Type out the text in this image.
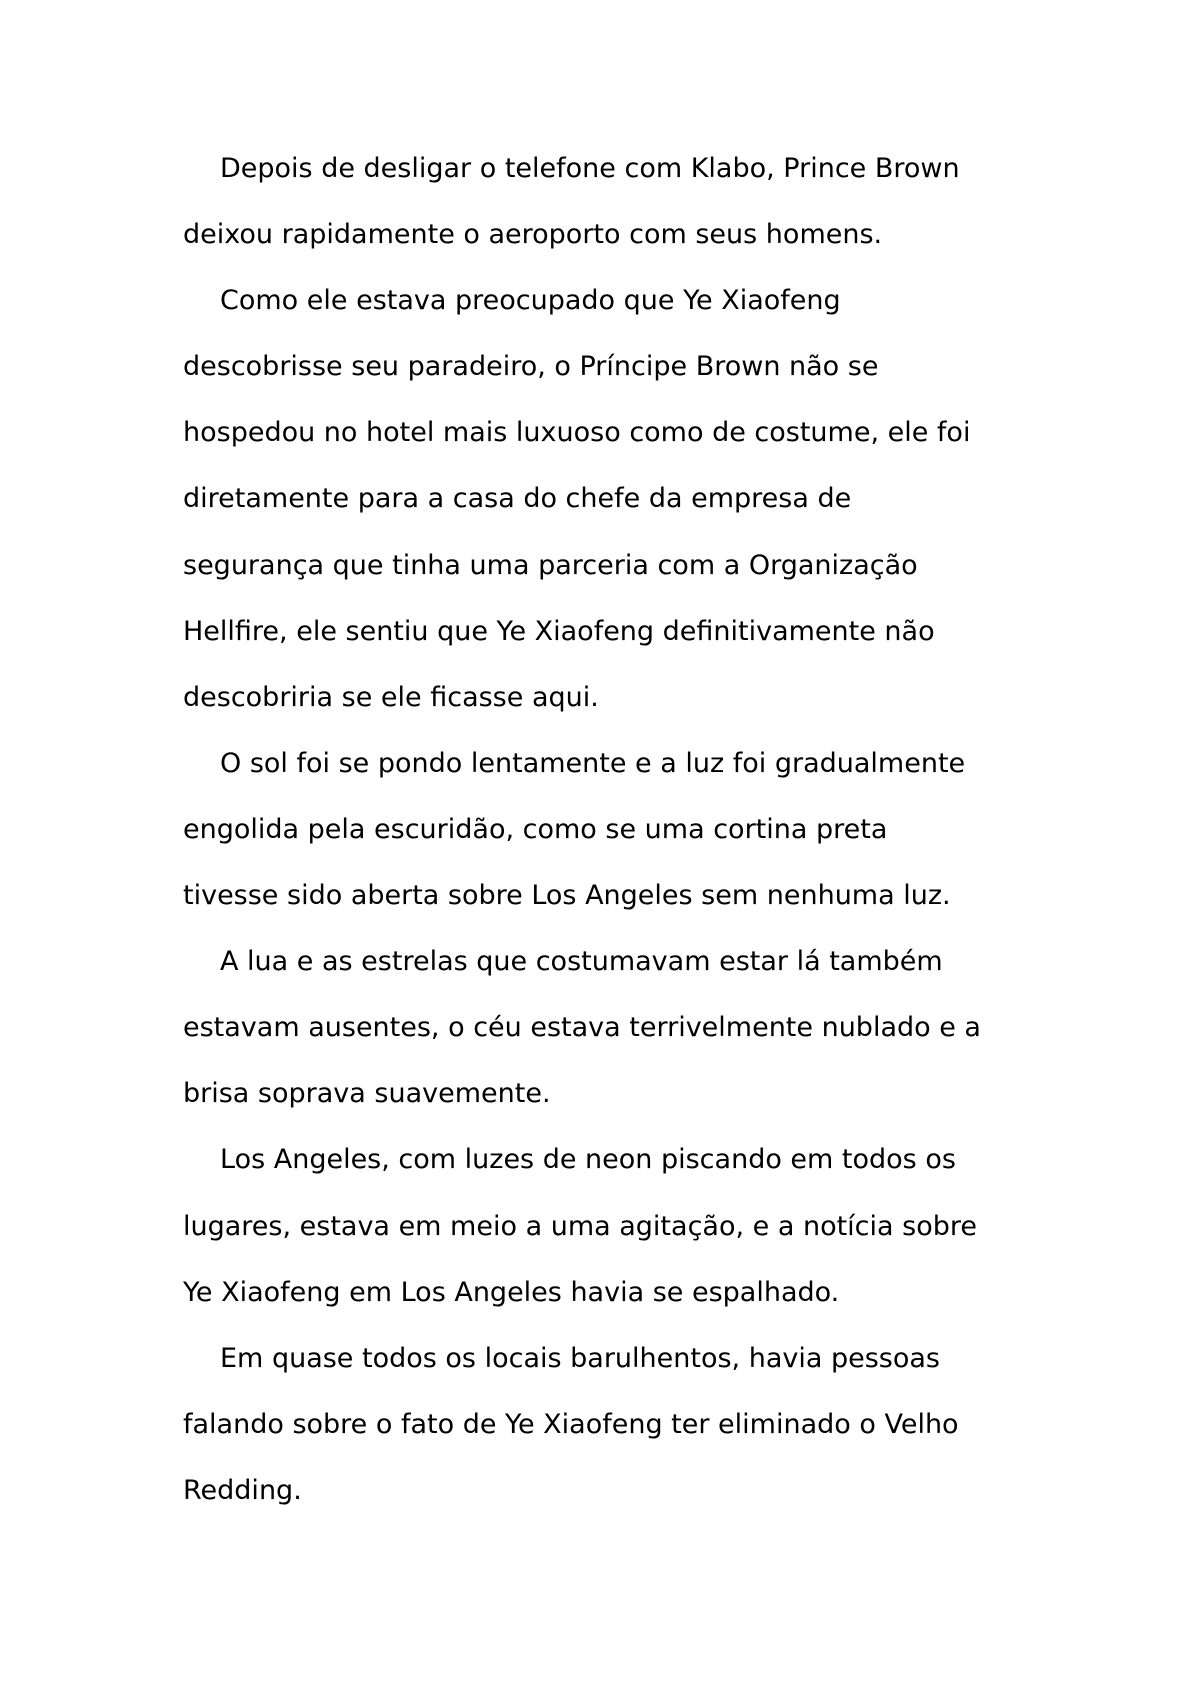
Depois de desligar o telefone com Klabo, Prince Brown
deixou rapidamente o aeroporto com seus homens.
Como ele estava preocupado que Ye Xiaofeng
descobrisse seu paradeiro, o Príncipe Brown não se
hospedou no hotel mais luxuoso como de costume, ele foi
diretamente para a casa do chefe da empresa de
segurança que tinha uma parceria com a Organização
Hellfire, ele sentiu que Ye Xiaofeng definitivamente não
descobriria se ele ficasse aqui.
O sol foi se pondo lentamente e a luz foi gradualmente
engolida pela escuridão, como se uma cortina preta
tivesse sido aberta sobre Los Angeles sem nenhuma luz.
A lua e as estrelas que costumavam estar lá também
estavam ausentes, o céu estava terrivelmente nublado e a
brisa soprava suavemente.
Los Angeles, com luzes de neon piscando em todos os
lugares, estava em meio a uma agitação, e a notícia sobre
Ye Xiaofeng em Los Angeles havia se espalhado.
Em quase todos os locais barulhentos, havia pessoas
falando sobre o fato de Ye Xiaofeng ter eliminado o Velho
Redding.
